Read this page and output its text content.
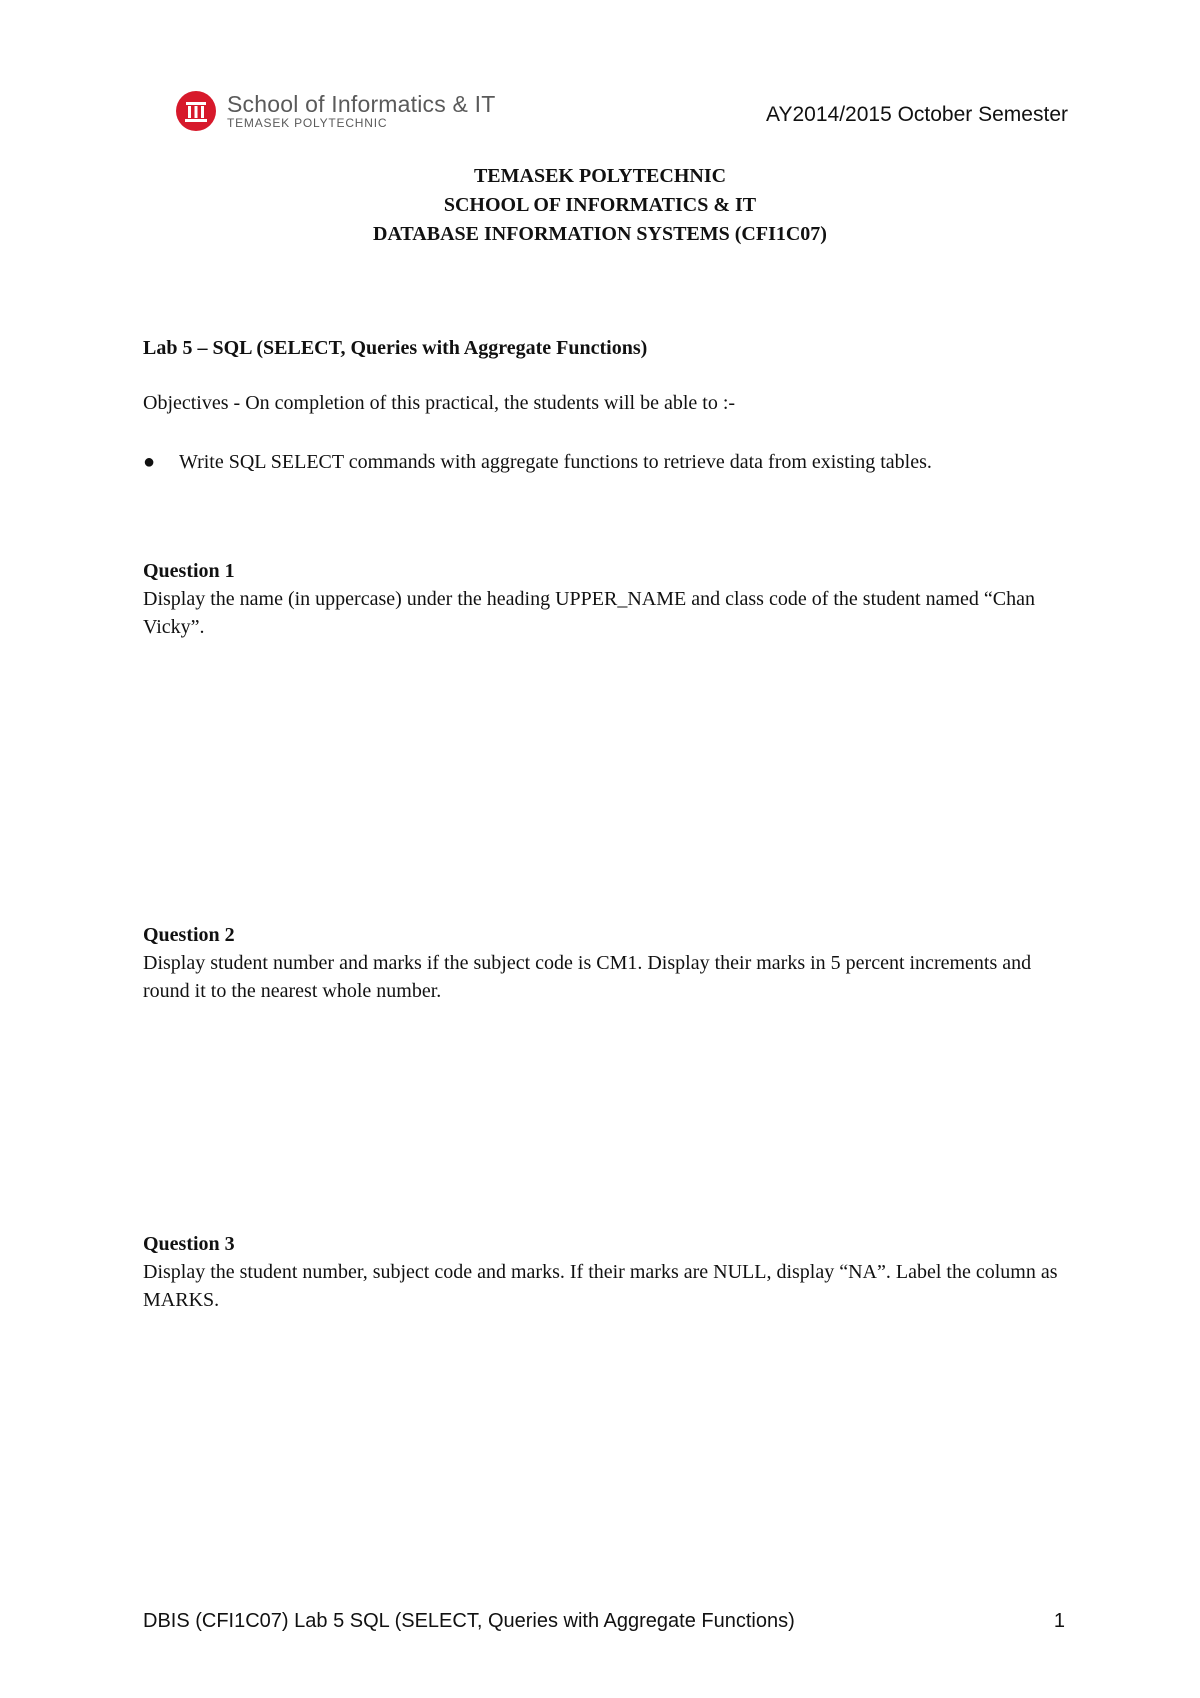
School of Informatics & IT
TEMASEK POLYTECHNIC	AY2014/2015 October Semester
TEMASEK POLYTECHNIC
SCHOOL OF INFORMATICS & IT
DATABASE INFORMATION SYSTEMS (CFI1C07)
Lab 5 – SQL (SELECT, Queries with Aggregate Functions)
Objectives - On completion of this practical, the students will be able to :-
● Write SQL SELECT commands with aggregate functions to retrieve data from existing tables.
Question 1
Display the name (in uppercase) under the heading UPPER_NAME and class code of the student named “Chan Vicky”.
Question 2
Display student number and marks if the subject code is CM1. Display their marks in 5 percent increments and round it to the nearest whole number.
Question 3
Display the student number, subject code and marks. If their marks are NULL, display “NA”. Label the column as MARKS.
DBIS (CFI1C07) Lab 5 SQL (SELECT, Queries with Aggregate Functions)	1
